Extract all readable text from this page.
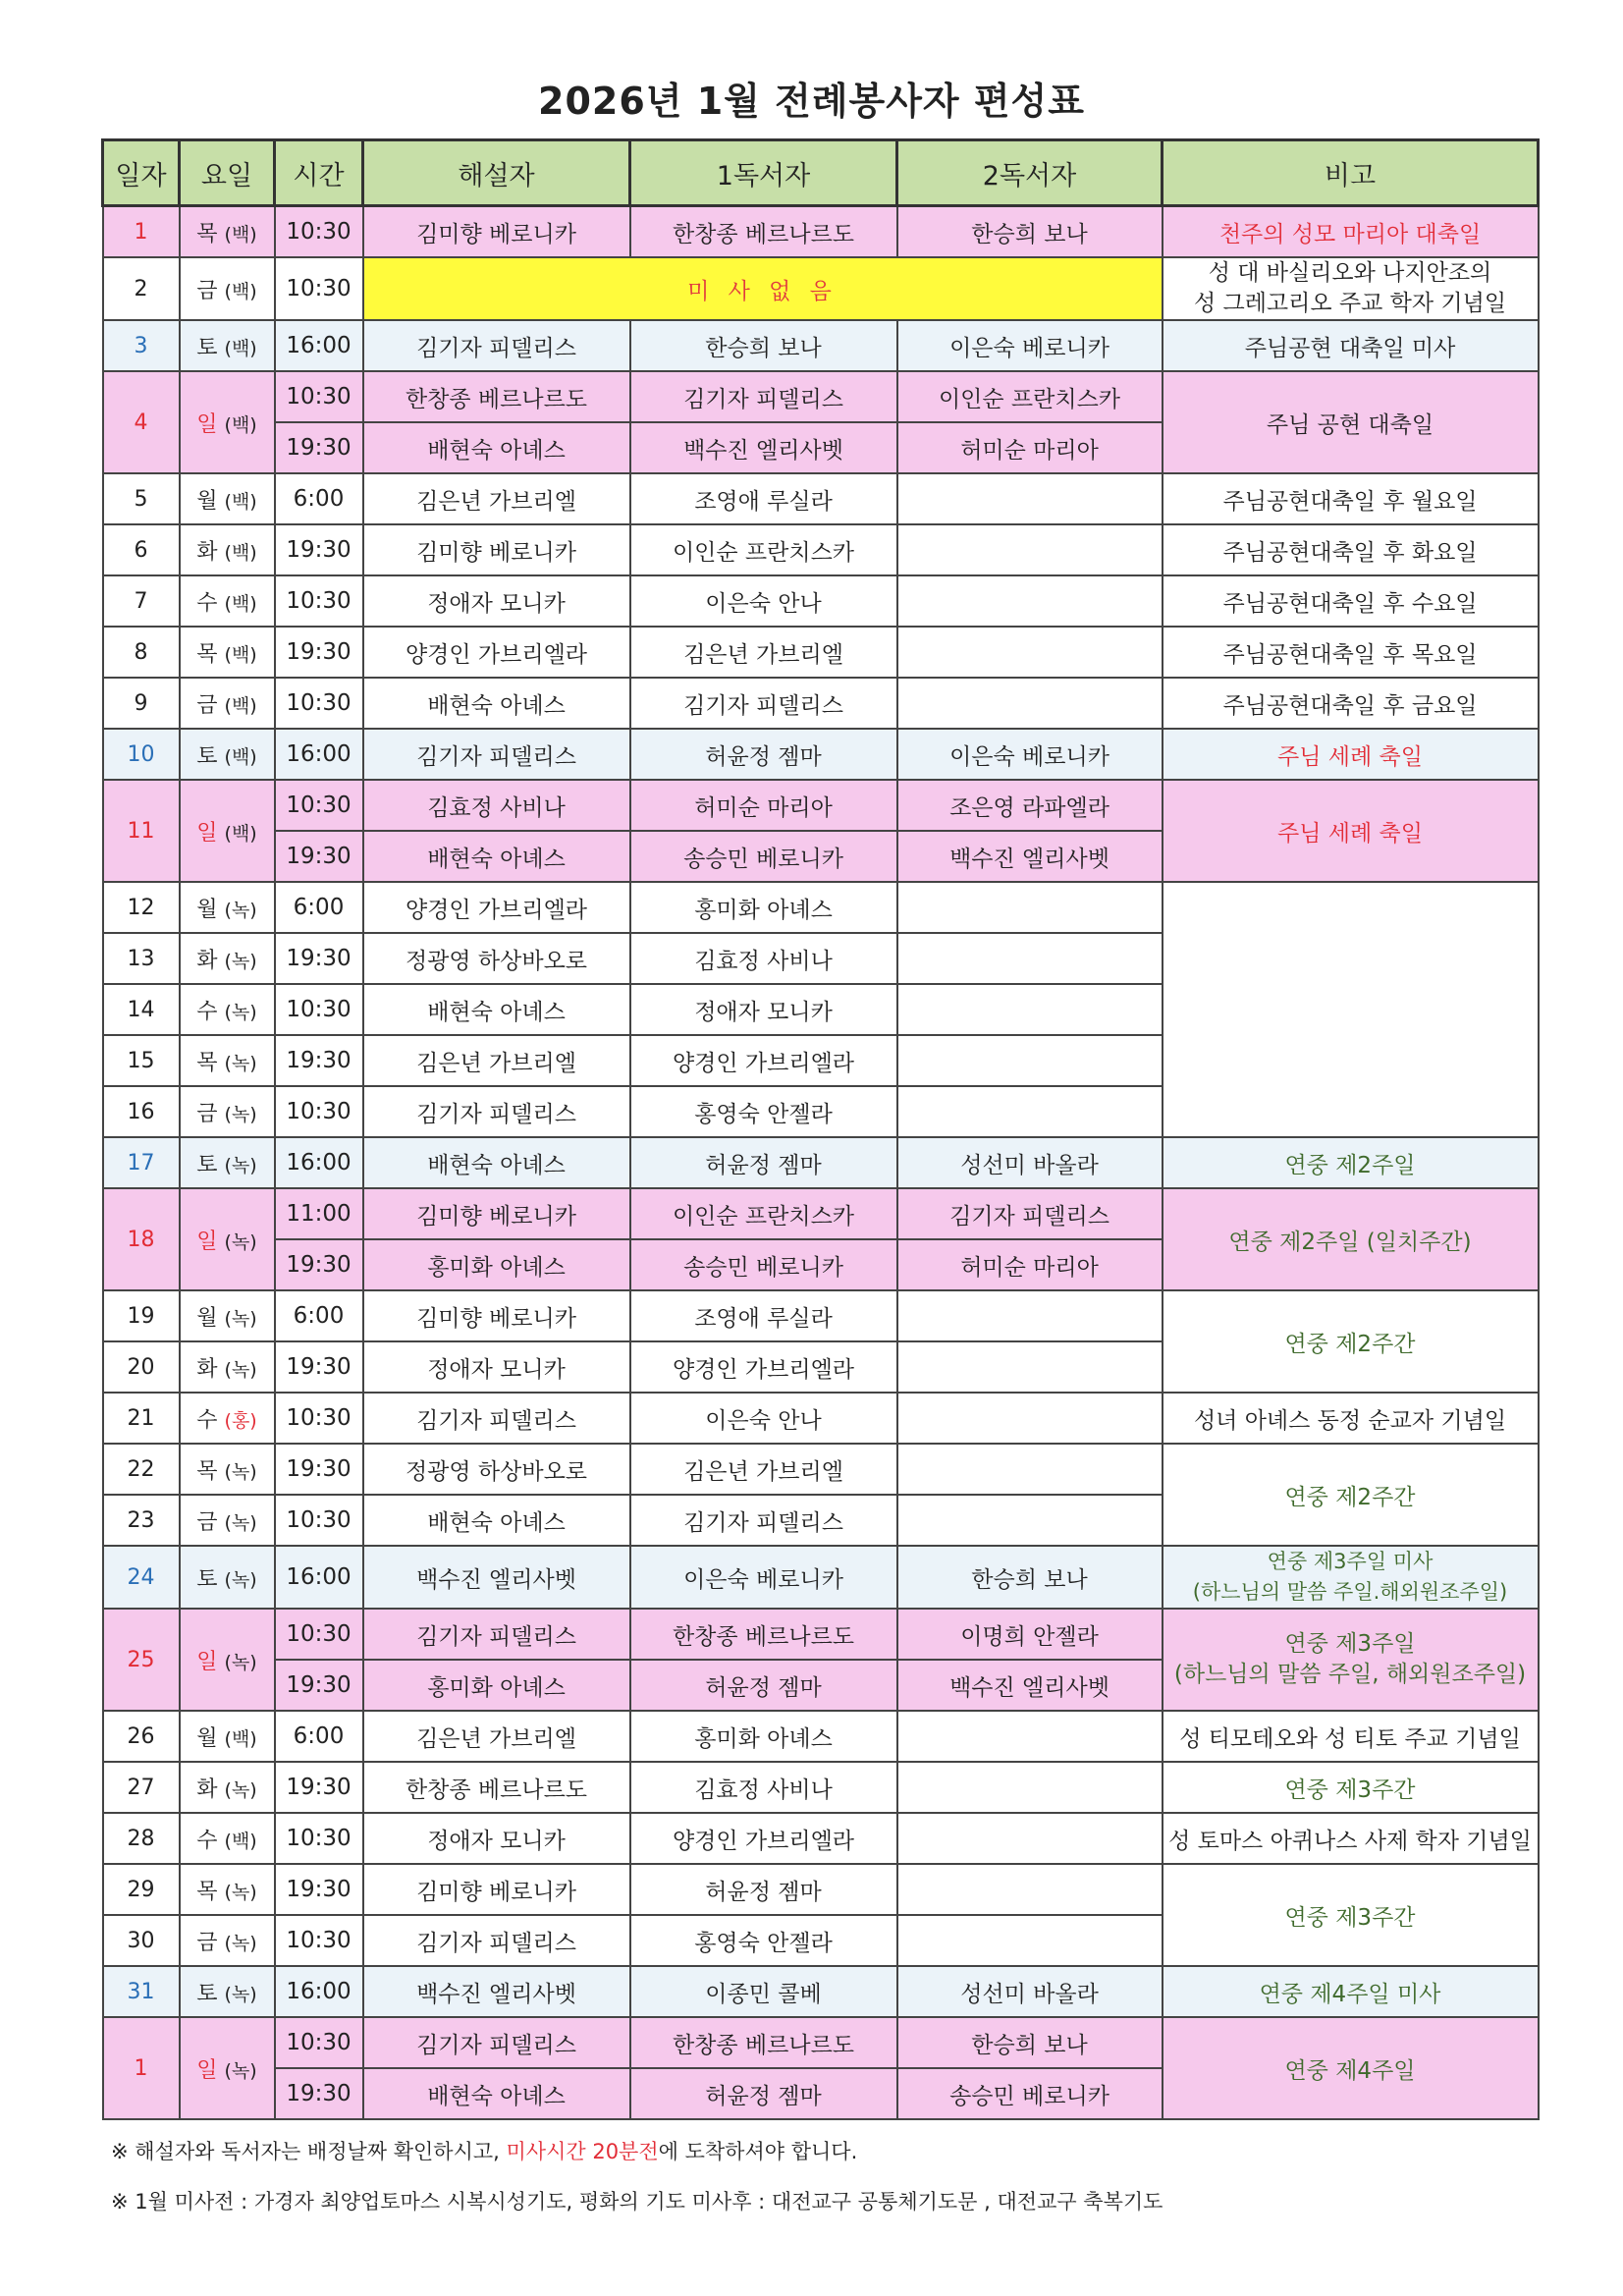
2026년 1월 전례봉사자 편성표
일자	요일	시간	해설자	1독서자	2독서자	비고
1	목 (백)	10:30	김미향 베로니카	한창종 베르나르도	한승희 보나	천주의 성모 마리아 대축일
2	금 (백)	10:30	미 사 없 음			성 대 바실리오와 나지안조의
성 그레고리오 주교 학자 기념일

3	토 (백)	16:00	김기자 피델리스	한승희 보나	이은숙 베로니카	주님공현 대축일 미사
4	일 (백)	10:30	한창종 베르나르도	김기자 피델리스	이인순 프란치스카	주님 공현 대축일
		19:30	배현숙 아녜스	백수진 엘리사벳	허미순 마리아	
5	월 (백)	6:00	김은년 가브리엘	조영애 루실라		주님공현대축일 후 월요일
6	화 (백)	19:30	김미향 베로니카	이인순 프란치스카		주님공현대축일 후 화요일
7	수 (백)	10:30	정애자 모니카	이은숙 안나		주님공현대축일 후 수요일
8	목 (백)	19:30	양경인 가브리엘라	김은년 가브리엘		주님공현대축일 후 목요일
9	금 (백)	10:30	배현숙 아녜스	김기자 피델리스		주님공현대축일 후 금요일
10	토 (백)	16:00	김기자 피델리스	허윤정 젬마	이은숙 베로니카	주님 세례 축일
11	일 (백)	10:30	김효정 사비나	허미순 마리아	조은영 라파엘라	주님 세례 축일
		19:30	배현숙 아녜스	송승민 베로니카	백수진 엘리사벳	
12	월 (녹)	6:00	양경인 가브리엘라	홍미화 아녜스		
13	화 (녹)	19:30	정광영 하상바오로	김효정 사비나		
14	수 (녹)	10:30	배현숙 아녜스	정애자 모니카		
15	목 (녹)	19:30	김은년 가브리엘	양경인 가브리엘라		
16	금 (녹)	10:30	김기자 피델리스	홍영숙 안젤라		
17	토 (녹)	16:00	배현숙 아녜스	허윤정 젬마	성선미 바올라	연중 제2주일
18	일 (녹)	11:00	김미향 베로니카	이인순 프란치스카	김기자 피델리스	연중 제2주일 (일치주간)
		19:30	홍미화 아녜스	송승민 베로니카	허미순 마리아	
19	월 (녹)	6:00	김미향 베로니카	조영애 루실라		연중 제2주간
20	화 (녹)	19:30	정애자 모니카	양경인 가브리엘라		
21	수 (홍)	10:30	김기자 피델리스	이은숙 안나		성녀 아녜스 동정 순교자 기념일
22	목 (녹)	19:30	정광영 하상바오로	김은년 가브리엘		연중 제2주간
23	금 (녹)	10:30	배현숙 아녜스	김기자 피델리스		
24	토 (녹)	16:00	백수진 엘리사벳	이은숙 베로니카	한승희 보나	연중 제3주일 미사
(하느님의 말씀 주일.해외원조주일)

25	일 (녹)	10:30	김기자 피델리스	한창종 베르나르도	이명희 안젤라	연중 제3주일
(하느님의 말씀 주일, 해외원조주일)

		19:30	홍미화 아녜스	허윤정 젬마	백수진 엘리사벳	
26	월 (백)	6:00	김은년 가브리엘	홍미화 아녜스		성 티모테오와 성 티토 주교 기념일
27	화 (녹)	19:30	한창종 베르나르도	김효정 사비나		연중 제3주간
28	수 (백)	10:30	정애자 모니카	양경인 가브리엘라		성 토마스 아퀴나스 사제 학자 기념일
29	목 (녹)	19:30	김미향 베로니카	허윤정 젬마		연중 제3주간
30	금 (녹)	10:30	김기자 피델리스	홍영숙 안젤라		
31	토 (녹)	16:00	백수진 엘리사벳	이종민 콜베	성선미 바올라	연중 제4주일 미사
1	일 (녹)	10:30	김기자 피델리스	한창종 베르나르도	한승희 보나	연중 제4주일
		19:30	배현숙 아녜스	허윤정 젬마	송승민 베로니카	
※ 해설자와 독서자는 배정날짜 확인하시고, 미사시간 20분전에 도착하셔야 합니다.
※ 1월 미사전 : 가경자 최양업토마스 시복시성기도, 평화의 기도 미사후 : 대전교구 공통체기도문 , 대전교구 축복기도
